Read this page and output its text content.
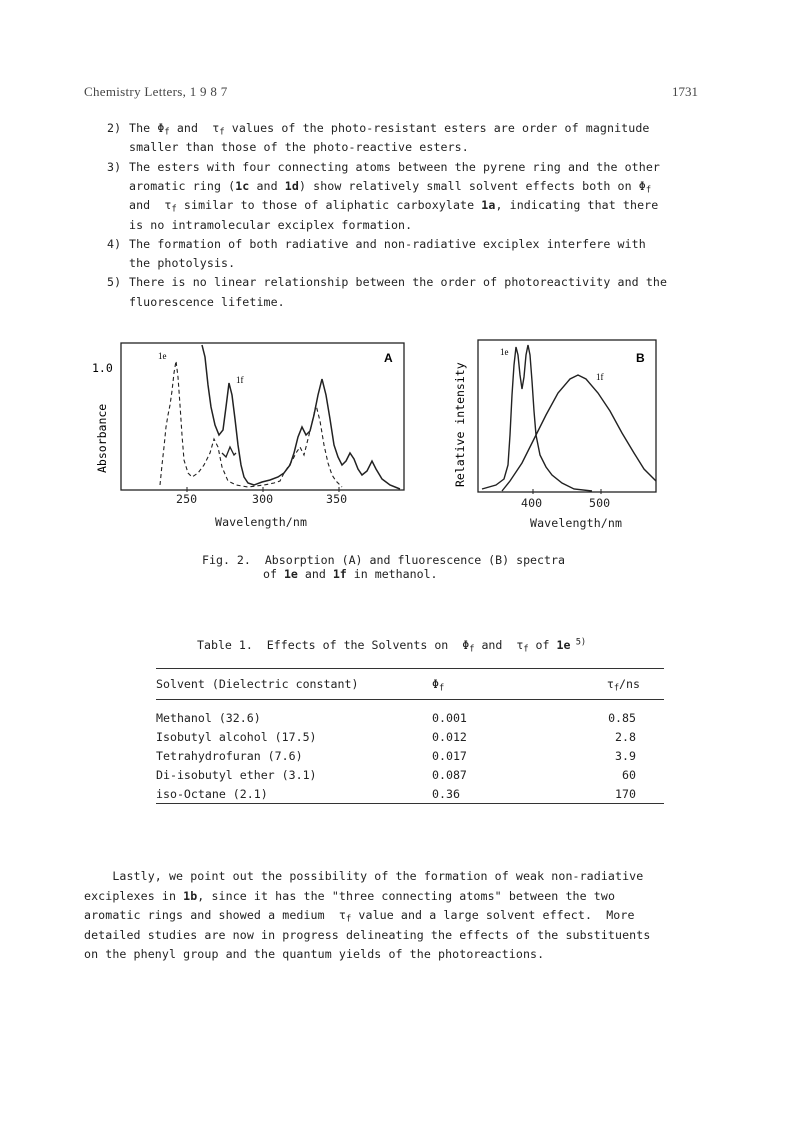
Chemistry Letters, 1 9 8 7	1731
2) The $\Phi_f$ and  $\tau_f$ values of the photo-resistant esters are order of magnitude
smaller than those of the photo-reactive esters.
3) The esters with four connecting atoms between the pyrene ring and the other
aromatic ring (1c and 1d) show relatively small solvent effects both on $\Phi_f$
and  $\tau_f$ similar to those of aliphatic carboxylate 1a, indicating that there
is no intramolecular exciplex formation.
4) The formation of both radiative and non-radiative exciplex interfere with
the photolysis.
5) There is no linear relationship between the order of photoreactivity and the
fluorescence lifetime.
A
1e
1f
1.0
Absorbance
250	300	350
Wavelength/nm
B
1e
1f
Relative intensity
400	500
Wavelength/nm
Fig. 2.  Absorption (A) and fluorescence (B) spectra
of 1e and 1f in methanol.
Table 1.  Effects of the Solvents on  $\Phi_f$ and  $\tau_f$ of 1e $^{5)}$
Solvent (Dielectric constant)	$\Phi_f$	$\tau_f/ns$

Methanol (32.6)	0.001	0.85
Isobutyl alcohol (17.5)	0.012	2.8
Tetrahydrofuran (7.6)	0.017	3.9
Di-isobutyl ether (3.1)	0.087	60
iso-Octane (2.1)	0.36	170
Lastly, we point out the possibility of the formation of weak non-radiative
exciplexes in 1b, since it has the "three connecting atoms" between the two
aromatic rings and showed a medium  $\tau_f$ value and a large solvent effect.  More
detailed studies are now in progress delineating the effects of the substituents
on the phenyl group and the quantum yields of the photoreactions.
